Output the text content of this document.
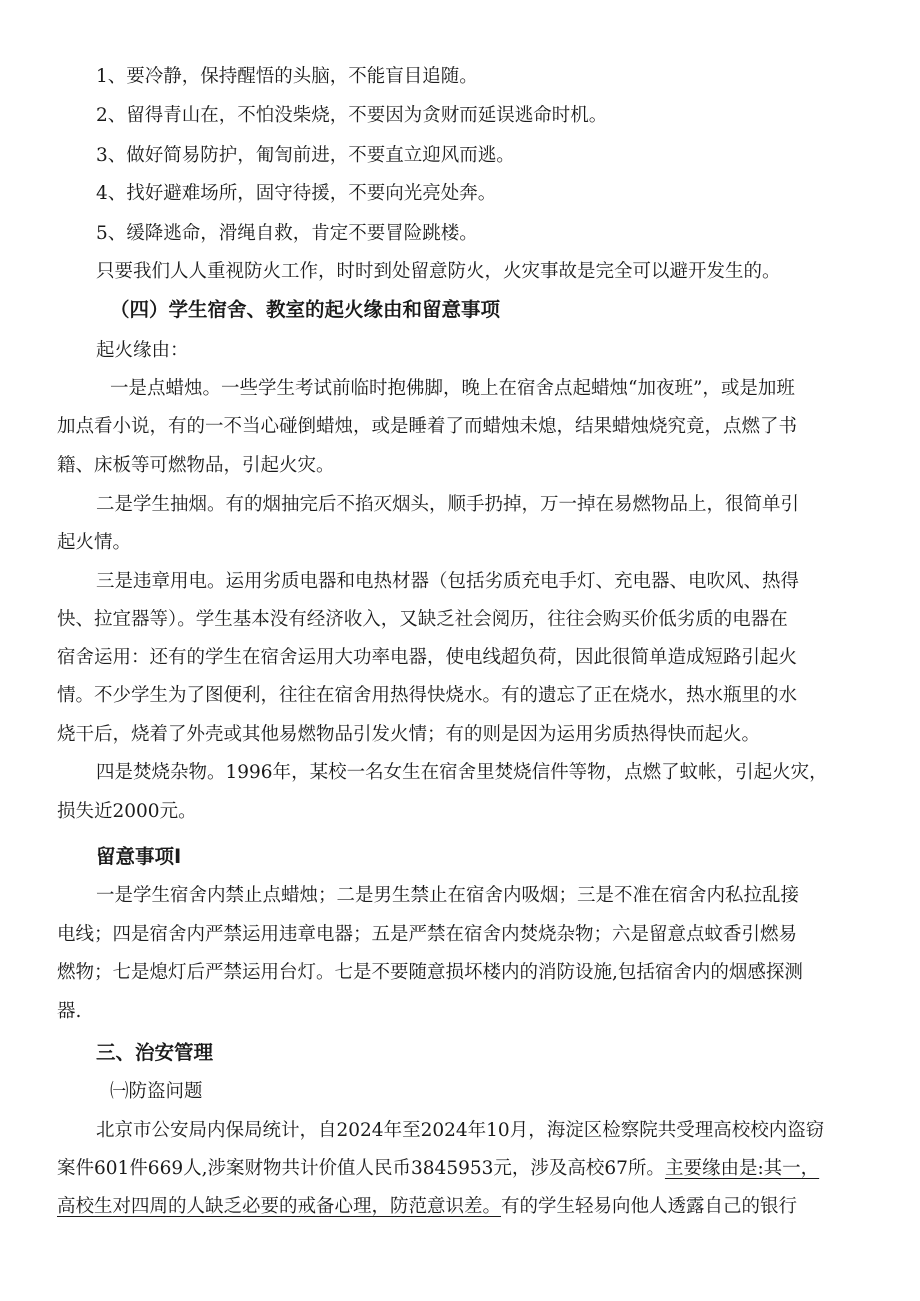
1、要冷静，保持醒悟的头脑，不能盲目追随。
2、留得青山在，不怕没柴烧，不要因为贪财而延误逃命时机。
3、做好简易防护，匍訇前进，不要直立迎风而逃。
4、找好避难场所，固守待援，不要向光亮处奔。
5、缓降逃命，滑绳自救，肯定不要冒险跳楼。
只要我们人人重视防火工作，时时到处留意防火，火灾事故是完全可以避开发生的。
（四）学生宿舍、教室的起火缘由和留意事项
起火缘由：
一是点蜡烛。一些学生考试前临时抱佛脚，晚上在宿舍点起蜡烛“加夜班”，或是加班
加点看小说，有的一不当心碰倒蜡烛，或是睡着了而蜡烛未熄，结果蜡烛烧究竟，点燃了书
籍、床板等可燃物品，引起火灾。
二是学生抽烟。有的烟抽完后不掐灭烟头，顺手扔掉，万一掉在易燃物品上，很简单引
起火情。
三是违章用电。运用劣质电器和电热材器（包括劣质充电手灯、充电器、电吹风、热得
快、拉宜器等）。学生基本没有经济收入，又缺乏社会阅历，往往会购买价低劣质的电器在
宿舍运用：还有的学生在宿舍运用大功率电器，使电线超负荷，因此很简单造成短路引起火
情。不少学生为了图便利，往往在宿舍用热得快烧水。有的遗忘了正在烧水，热水瓶里的水
烧干后，烧着了外壳或其他易燃物品引发火情；有的则是因为运用劣质热得快而起火。
四是焚烧杂物。1996年，某校一名女生在宿舍里焚烧信件等物，点燃了蚊帐，引起火灾，
损失近2000元。
留意事项I
一是学生宿舍内禁止点蜡烛；二是男生禁止在宿舍内吸烟；三是不准在宿舍内私拉乱接
电线；四是宿舍内严禁运用违章电器；五是严禁在宿舍内焚烧杂物；六是留意点蚊香引燃易
燃物；七是熄灯后严禁运用台灯。七是不要随意损坏楼内的消防设施,包括宿舍内的烟感探测
器.
三、治安管理
㈠防盗问题
北京市公安局内保局统计，自2024年至2024年10月，海淀区检察院共受理高校校内盗窃
案件601件669人,涉案财物共计价值人民币3845953元，涉及高校67所。主要缘由是:其一，
高校生对四周的人缺乏必要的戒备心理，防范意识差。有的学生轻易向他人透露自己的银行
